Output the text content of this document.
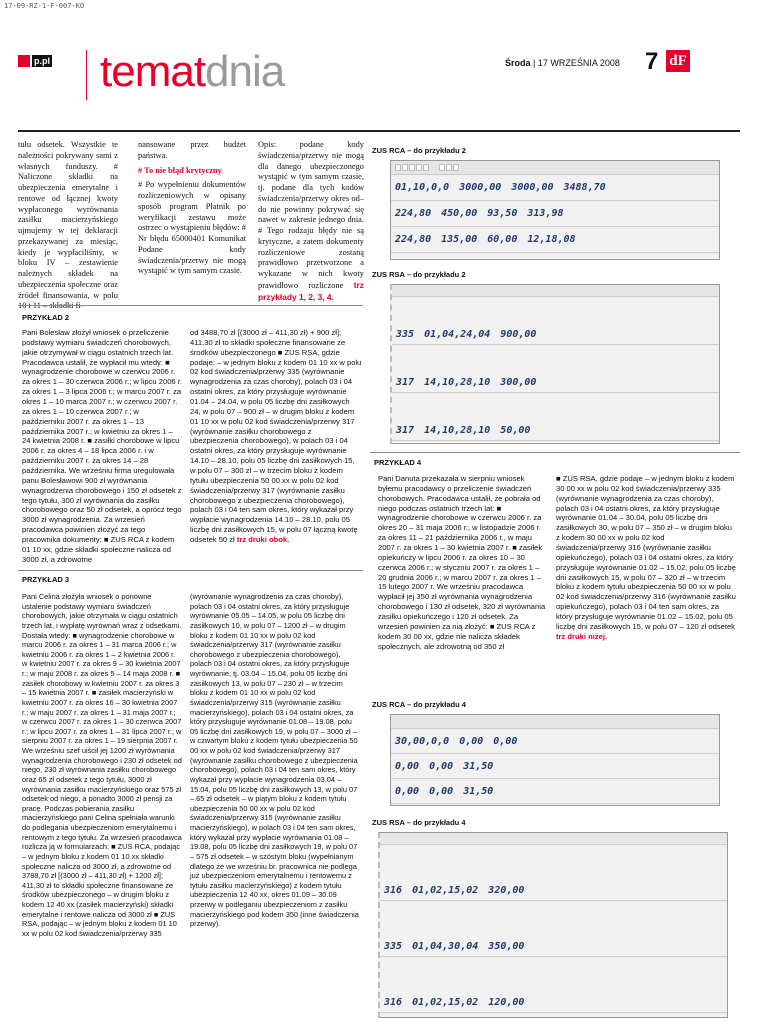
17-09-RZ-1-F-007-KO
p.pl tematdnia	Środa | 17 WRZEŚNIA 2008 7 dF

tułu odsetek. Wszystkie te należności pokrywany sami z własnych funduszy. # Naliczone składki na ubezpieczenia emerytalne i rentowe od łącznej kwoty wypłaconego wyrównania zasiłku macierzyńskiego ujmujemy w tej deklaracji przekazywanej za miesiąc, kiedy je wypłaciliśmy, w bloku IV – zestawienie należnych składek na ubezpieczenia społeczne oraz źródeł finansowania, w polu

nansowane przez budżet państwa.

# To nie błąd krytyczny

# Po wypełnieniu dokumentów rozliczeniowych w opisany sposób program Płatnik po weryfikacji zestawu może ostrzec o wystąpieniu błędów: # Nr błędu 65000401 Komunikat Podane kody świadczenia/przerwy nie mogą wystąpić w tym samym czasie.

Opis: podane kody świadczenia/przerwy nie mogą dla danego ubezpieczonego wystąpić w tym samym czasie, tj. podane dla tych kodów świadczenia/przerwy okres od–do nie powinny pokrywać się nawet w zakresie jednego dnia. # Tego rodzaju błędy nie są krytyczne, a zatem dokumenty rozliczeniowe zostaną prawidłowo przetworzone a wykazane w nich kwoty prawidłowo rozliczone trz przykłady 1, 2, 3, 4.

ZUS RCA – do przykładu 2
01,10,0,0 3000,00 3000,00 3488,70
224,80 450,00 93,50 313,98
224,80 135,00 60,00 12,18,08
PRZYKŁAD 2

Pani Bolesław złożył wniosek o przeliczenie podstawy wymiaru świadczeń chorobowych, jakie otrzymywał w ciągu ostatnich trzech lat. Pracodawca ustalił, że wypłacił mu wtedy: ■ wynagrodzenie chorobowe w czerwcu 2006 r. za okres 1 – 30 czerwca 2006 r.; w lipcu 2006 r. za okres 1 – 3 lipca 2006 r.; w marcu 2007 r. za okres 1 – 10 marca 2007 r.; w czerwcu 2007 r. za okres 1 – 10 czerwca 2007 r.; w październiku 2007 r. za okres 1 – 13 października 2007 r.; w kwietniu za okres 1 – 24 kwietnia 2008 r. ■ zasiłki chorobowe w lipcu 2006 r. za okres 4 – 18 lipca 2006 r. i w październiku 2007 r. za okres 14 – 28 października. We wrześniu firma uregulowała panu Bolesławowi 900 zł wyrównania wynagrodzenia chorobowego i 150 zł odsetek z tego tytułu, 300 zł wyrównania do zasiłku chorobowego oraz 50 zł odsetek, a oprócz tego 3000 zł wynagrodzenia. Za wrzesień pracodawca powinien złożyć za tego pracownika dokumenty: ■ ZUS RCA z kodem 01 10 xx, gdzie składki społeczne nalicza od 3000 zł, a zdrowotne

od 3488,70 zł [(3000 zł – 411,30 zł) + 900 zł]; 411,30 zł to składki społeczne finansowane ze środków ubezpieczonego ■ ZUS RSA, gdzie podaje: – w jednym bloku z kodem 01 10 xx w polu 02 kod świadczenia/przerwy 335 (wyrównanie wynagrodzenia za czas choroby), polach 03 i 04 ostatni okres, za który przysługuje wyrównanie 01.04 – 24.04, w polu 05 liczbę dni zasiłkowych 24, w polu 07 – 900 zł – w drugim bloku z kodem 01 10 xx w polu 02 kod świadczenia/przerwy 317 (wyrównanie zasiłku chorobowego z ubezpieczenia chorobowego), w polach 03 i 04 ostatni okres, za który przysługuje wyrównanie 14.10 – 28.10, polu 05 liczbę dni zasiłkowych 15, w polu 07 – 300 zł – w trzecim bloku z kodem tytułu ubezpieczenia 50 00 xx w polu 02 kod świadczenia/przerwy 317 (wyrównanie zasiłku chorobowego z ubezpieczenia chorobowego), polach 03 i 04 ten sam okres, który wykazał przy wypłacie wynagrodzenia 14.10 – 28.10, polu 05 liczbę dni zasiłkowych 15, w polu 07 łączną kwotę odsetek 50 zł trz druki obok.

ZUS RSA – do przykładu 2
335 01,04,24,04 900,00
317 14,10,28,10 300,00
317 14,10,28,10 50,00
PRZYKŁAD 4

Pani Danuta przekazała w sierpniu wniosek byłemu pracodawcy o przeliczenie świadczeń chorobowych. Pracodawca ustalił, że pobrała od niego podczas ostatnich trzech lat: ■ wynagrodzenie chorobowe w czerwcu 2006 r. za okres 20 – 31 maja 2006 r.; w listopadzie 2006 r. za okres 11 – 21 października 2006 r., w maju 2007 r. za okres 1 – 30 kwietnia 2007 r. ■ zasiłek opiekuńczy w lipcu 2006 r. za okres 10 – 30 czerwca 2006 r.; w styczniu 2007 r. za okres 1 – 20 grudnia 2006 r.; w marcu 2007 r. za okres 1 – 15 lutego 2007 r. We wrześniu pracodawca wypłacił jej 350 zł wyrównania wynagrodzenia chorobowego i 130 zł odsetek, 320 zł wyrównania zasiłku opiekuńczego i 120 zł odsetek. Za wrzesień powinien za nią złożyć: ■ ZUS RCA z kodem 30 00 xx, gdzie nie nalicza składek społecznych, ale zdrowotną od 350 zł

■ ZUS RSA, gdzie podaje – w jednym bloku z kodem 30 00 xx w polu 02 kod świadczenia/przerwy 335 (wyrównanie wynagrodzenia za czas choroby), polach 03 i 04 ostatni okres, za który przysługuje wyrównanie 01.04 – 30.04, polu 05 liczbę dni zasiłkowych 30, w polu 07 – 350 zł – w drugim bloku z kodem 30 00 xx w polu 02 kod świadczenia/przerwy 316 (wyrównanie zasiłku opiekuńczego), polach 03 i 04 ostatni okres, za który przysługuje wyrównanie 01.02 – 15.02, polu 05 liczbę dni zasiłkowych 15, w polu 07 – 320 zł – w trzecim bloku z kodem tytułu ubezpieczenia 50 00 xx w polu 02 kod świadczenia/przerwy 316 (wyrównanie zasiłku opiekuńczego), polach 03 i 04 ten sam okres, za który przysługuje wyrównanie 01.02 – 15.02, polu 05 liczbę dni zasiłkowych 15, w polu 07 – 120 zł odsetek trz druki niżej.

PRZYKŁAD 3

Pani Celina złożyła wniosek o ponowne ustalenie podstawy wymiaru świadczeń chorobowych, jakie otrzymała w ciągu ostatnich trzech lat, i wypłatę wyrównań wraz z odsetkami. Dostała wtedy: ■ wynagrodzenie chorobowe w marcu 2006 r. za okres 1 – 31 marca 2006 r.; w kwietniu 2006 r. za okres 1 – 2 kwietnia 2006 r. w kwietniu 2007 r. za okres 9 – 30 kwietnia 2007 r.; w maju 2008 r. za okres 5 – 14 maja 2008 r. ■ zasiłek chorobowy w kwietniu 2007 r. za okres 3 – 15 kwietnia 2007 r. ■ zasiłek macierzyński w kwietniu 2007 r. za okres 16 – 30 kwietnia 2007 r.; w maju 2007 r. za okres 1 – 31 maja 2007 r.; w czerwcu 2007 r. za okres 1 – 30 czerwca 2007 r.; w lipcu 2007 r. za okres 1 – 31 lipca 2007 r.; w sierpniu 2007 r. za okres 1 – 19 sierpnia 2007 r. We wrześniu szef uiścił jej 1200 zł wyrównania wynagrodzenia chorobowego i 230 zł odsetek od niego, 230 zł wyrównania zasiłku chorobowego oraz 65 zł odsetek z tego tytułu, 3000 zł wyrównania zasiłku macierzyńskiego oraz 575 zł odsetek od niego, a ponadto 3000 zł pensji za pracę. Podczas pobierania zasiłku macierzyńskiego pani Celina spełniała warunki do podlegania ubezpieczeniom emerytalnemu i rentowym z tego tytułu. Za wrzesień pracodawca rozlicza ją w formularzach: ■ ZUS RCA, podając – w jednym bloku z kodem 01 10 xx składki społeczne nalicza od 3000 zł, a zdrowotne od 3788,70 zł [(3000 zł – 411,30 zł) + 1200 zł]; 411,30 zł to składki społeczne finansowane ze środków ubezpieczonego – w drugim bloku z kodem 12 40 xx (zasiłek macierzyński) składki emerytalne i rentowe nalicza od 3000 zł ■ ZUS RSA, podając – w jednym bloku z kodem 01 10 xx w polu 02 kod świadczenia/przerwy 335

(wyrównanie wynagrodzenia za czas choroby), polach 03 i 04 ostatni okres, za który przysługuje wyrównanie 05.05 – 14.05, w polu 05 liczbę dni zasiłkowych 10, w polu 07 – 1200 zł – w drugim bloku z kodem 01 10 xx w polu 02 kod świadczenia/przerwy 317 (wyrównanie zasiłku chorobowego z ubezpieczenia chorobowego), polach 03 i 04 ostatni okres, za który przysługuje wyrównanie, tj. 03.04 – 15.04, polu 05 liczbę dni zasiłkowych 13, w polu 07 – 230 zł – w trzecim bloku z kodem 01 10 xx w polu 02 kod świadczenia/przerwy 315 (wyrównanie zasiłku macierzyńskiego), polach 03 i 04 ostatni okres, za który przysługuje wyrównanie 01.08 – 19.08, polu 05 liczbę dni zasiłkowych 19, w polu 07 – 3000 zł – w czwartym bloku z kodem tytułu ubezpieczenia 50 00 xx w polu 02 kod świadczenia/przerwy 317 (wyrównanie zasiłku chorobowego z ubezpieczenia chorobowego), polach 03 i 04 ten sam okres, który wykazał przy wypłacie wynagrodzenia 03.04 – 15.04, polu 05 liczbę dni zasiłkowych 13, w polu 07 – 65 zł odsetek – w piątym bloku z kodem tytułu ubezpieczenia 50 00 xx w polu 02 kod świadczenia/przerwy 315 (wyrównanie zasiłku macierzyńskiego), w polach 03 i 04 ten sam okres, który wykazał przy wypłacie wyrównania 01.08 – 19.08, polu 05 liczbę dni zasiłkowych 19, w polu 07 – 575 zł odsetek – w szóstym bloku (wypełnianym dlatego że we wrześniu br. pracownica nie podlega już ubezpieczeniom emerytalnemu i rentowemu z tytułu zasiłku macierzyńskiego) z kodem tytułu ubezpieczenia 12 40 xx, okres 01.09 – 30.09 przerwy w podleganiu ubezpieczeniom z zasiłku macierzyńskiego pod kodem 350 (inne świadczenia przerwy).

ZUS RCA – do przykładu 4
30,00,0,0 0,00 0,00
0,00 0,00 31,50
0,00 0,00 31,50
ZUS RSA – do przykładu 4
316 01,02,15,02 320,00
335 01,04,30,04 350,00
316 01,02,15,02 120,00
